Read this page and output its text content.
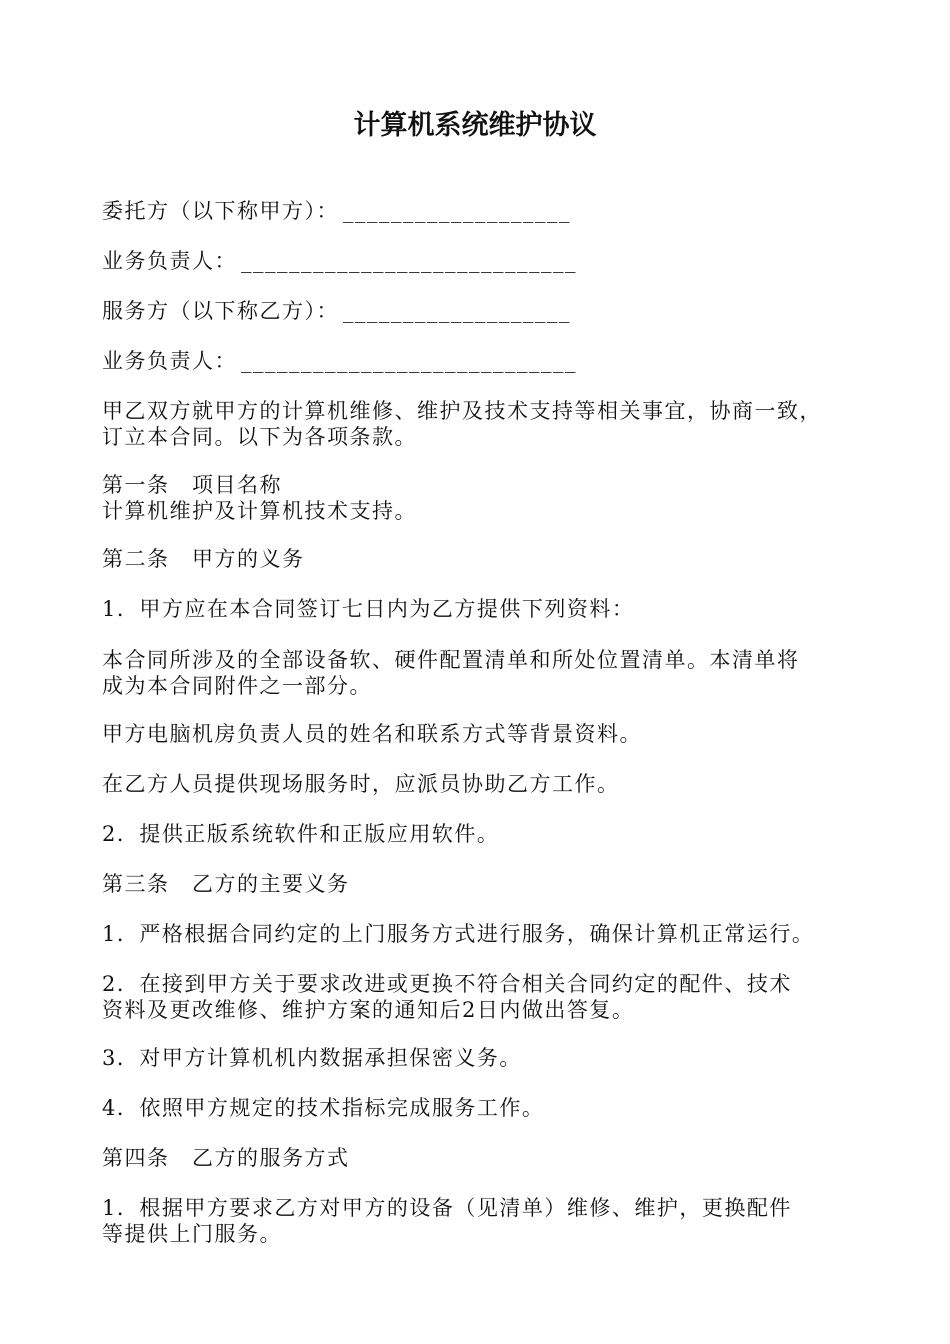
计算机系统维护协议
委托方（以下称甲方）： ___________________
业务负责人： ____________________________
服务方（以下称乙方）： ___________________
业务负责人： ____________________________
甲乙双方就甲方的计算机维修、维护及技术支持等相关事宜，协商一致，
订立本合同。以下为各项条款。
第一条　项目名称
计算机维护及计算机技术支持。
第二条　甲方的义务
1．甲方应在本合同签订七日内为乙方提供下列资料：
本合同所涉及的全部设备软、硬件配置清单和所处位置清单。本清单将
成为本合同附件之一部分。
甲方电脑机房负责人员的姓名和联系方式等背景资料。
在乙方人员提供现场服务时，应派员协助乙方工作。
2．提供正版系统软件和正版应用软件。
第三条　乙方的主要义务
1．严格根据合同约定的上门服务方式进行服务，确保计算机正常运行。
2．在接到甲方关于要求改进或更换不符合相关合同约定的配件、技术
资料及更改维修、维护方案的通知后2日内做出答复。
3．对甲方计算机机内数据承担保密义务。
4．依照甲方规定的技术指标完成服务工作。
第四条　乙方的服务方式
1．根据甲方要求乙方对甲方的设备（见清单）维修、维护，更换配件
等提供上门服务。
